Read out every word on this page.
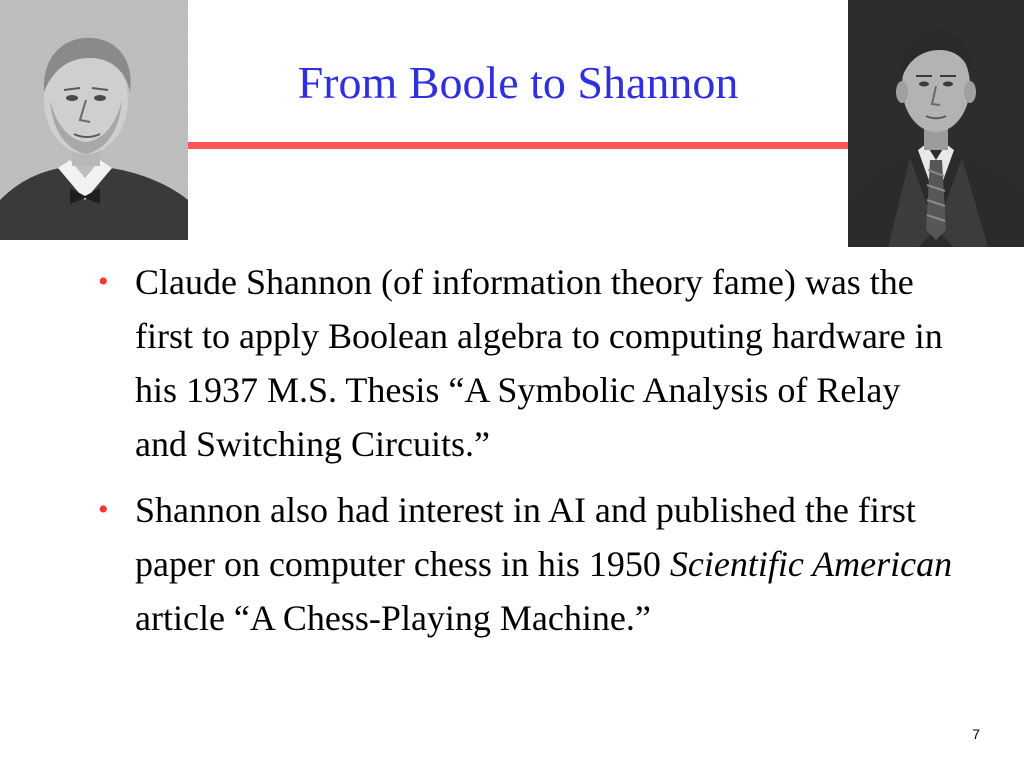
From Boole to Shannon
• Claude Shannon (of information theory fame) was the first to apply Boolean algebra to computing hardware in his 1937 M.S. Thesis “A Symbolic Analysis of Relay and Switching Circuits.”
• Shannon also had interest in AI and published the first paper on computer chess in his 1950 Scientific American article “A Chess-Playing Machine.”
7
